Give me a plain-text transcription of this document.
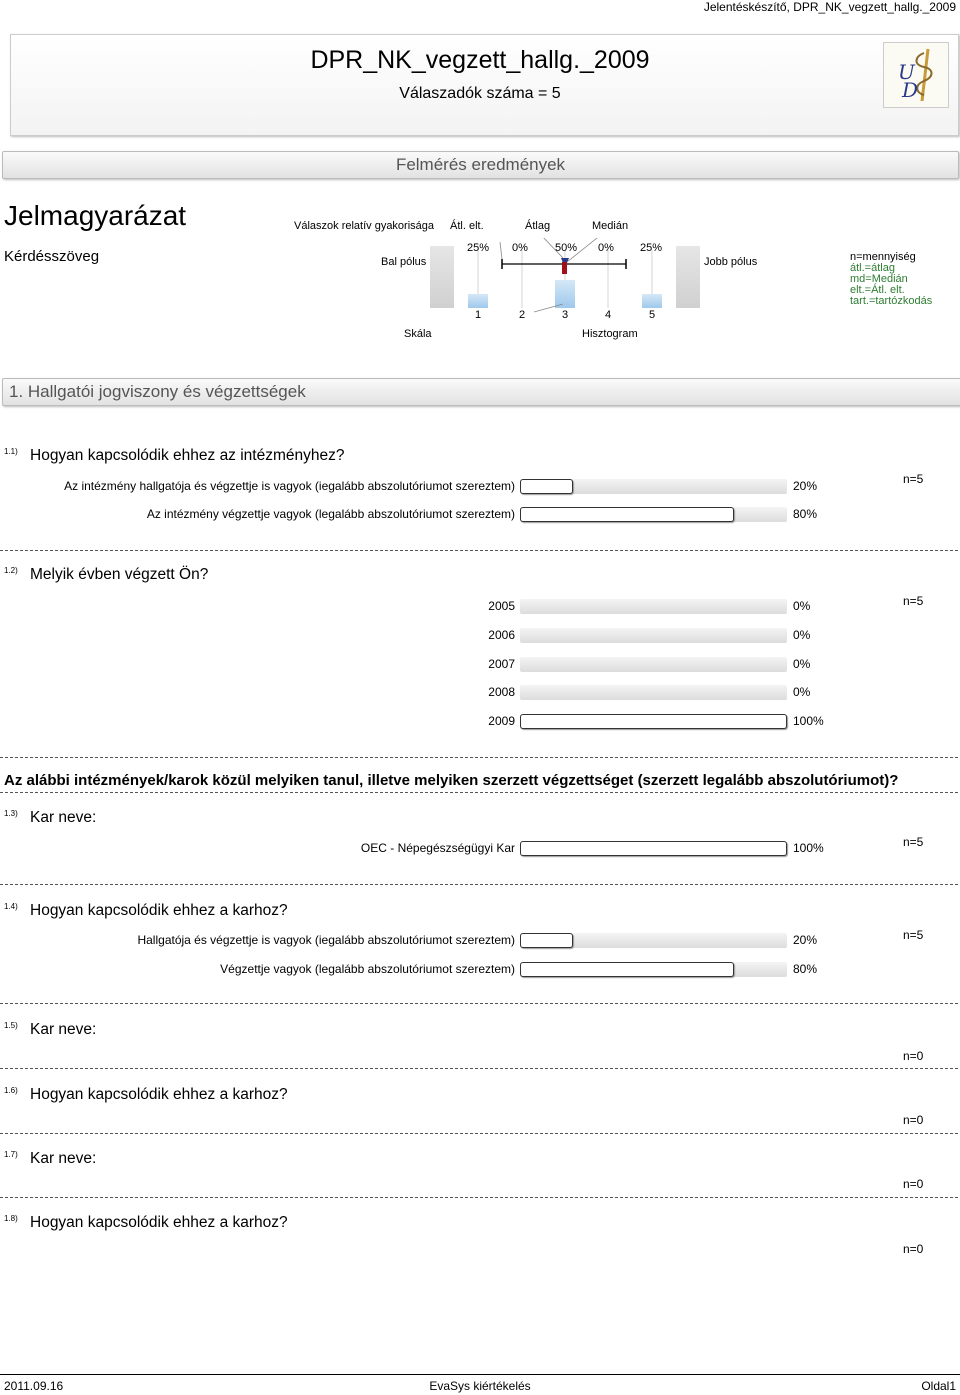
Jelentéskészítő, DPR_NK_vegzett_hallg._2009
DPR_NK_vegzett_hallg._2009
Válaszadók száma = 5
U
D
Felmérés eredmények
Jelmagyarázat
Kérdésszöveg
Válaszok relatív gyakorisága Átl. elt.	Átlag	Medián
Bal pólus	Jobb pólus
Skála	Hisztogram
25% 0% 50% 0% 25%
1	2	3	4	5
n=mennyiség
átl.=átlag
md=Medián
elt.=Átl. elt.
tart.=tartózkodás
1. Hallgatói jogviszony és végzettségek
1.1) Hogyan kapcsolódik ehhez az intézményhez?
n=5
Az intézmény hallgatója és végzettje is vagyok (iegalább abszolutóriumot szereztem)	20%
Az intézmény végzettje vagyok (legalább abszolutóriumot szereztem)	80%
1.2) Melyik évben végzett Ön?
n=5
2005	0%
2006	0%
2007	0%
2008	0%
2009	100%
1.3) Kar neve:
n=5
OEC - Népegészségügyi Kar	100%
1.4) Hogyan kapcsolódik ehhez a karhoz?
n=5
Hallgatója és végzettje is vagyok (iegalább abszolutóriumot szereztem)	20%
Végzettje vagyok (legalább abszolutóriumot szereztem)	80%
1.5) Kar neve:
n=0
1.6) Hogyan kapcsolódik ehhez a karhoz?
n=0
1.7) Kar neve:
n=0
1.8) Hogyan kapcsolódik ehhez a karhoz?
n=0
Az alábbi intézmények/karok közül melyiken tanul, illetve melyiken szerzett végzettséget (szerzett legalább abszolutóriumot)?
2011.09.16	EvaSys kiértékelés	Oldal1
